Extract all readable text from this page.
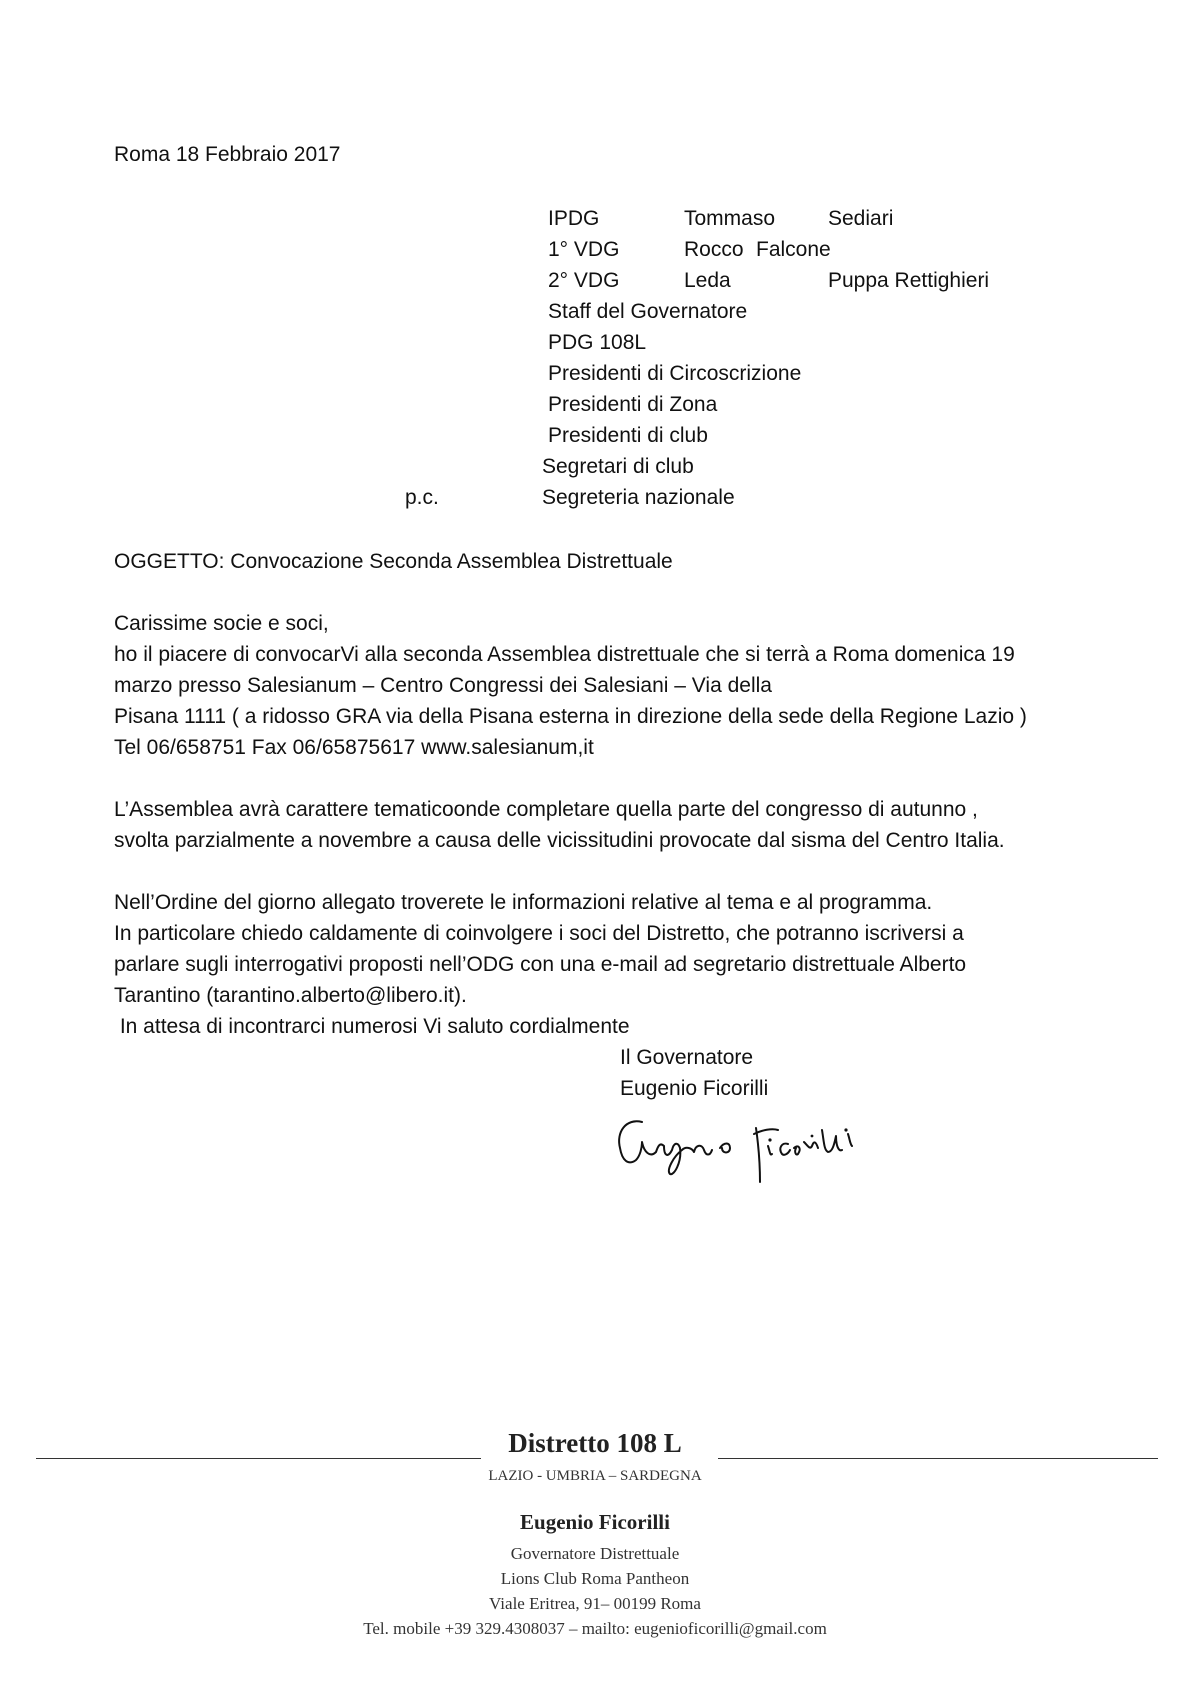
Roma 18 Febbraio 2017
IPDG	Tommaso	Sediari
1° VDG	Rocco Falcone
2° VDG	Leda	Puppa Rettighieri
Staff del Governatore
PDG 108L
Presidenti di Circoscrizione
Presidenti di Zona
Presidenti di club
Segretari di club
p.c.	Segreteria nazionale
OGGETTO: Convocazione Seconda Assemblea Distrettuale
Carissime socie e soci,
ho il piacere di convocarVi alla seconda Assemblea distrettuale che si terrà a Roma domenica 19
marzo presso Salesianum – Centro Congressi dei Salesiani – Via della
Pisana 1111 ( a ridosso GRA via della Pisana esterna in direzione della sede della Regione Lazio )
Tel 06/658751 Fax 06/65875617 www.salesianum,it
L’Assemblea avrà carattere tematicoonde completare quella parte del congresso di autunno ,
svolta parzialmente a novembre a causa delle vicissitudini provocate dal sisma del Centro Italia.
Nell’Ordine del giorno allegato troverete le informazioni relative al tema e al programma.
In particolare chiedo caldamente di coinvolgere i soci del Distretto, che potranno iscriversi a
parlare sugli interrogativi proposti nell’ODG con una e-mail ad segretario distrettuale Alberto
Tarantino (tarantino.alberto@libero.it).
In attesa di incontrarci numerosi Vi saluto cordialmente
Il Governatore
Eugenio Ficorilli
Distretto 108 L
LAZIO - UMBRIA – SARDEGNA
Eugenio Ficorilli
Governatore Distrettuale
Lions Club Roma Pantheon
Viale Eritrea, 91– 00199 Roma
Tel. mobile +39 329.4308037 – mailto: eugenioficorilli@gmail.com
